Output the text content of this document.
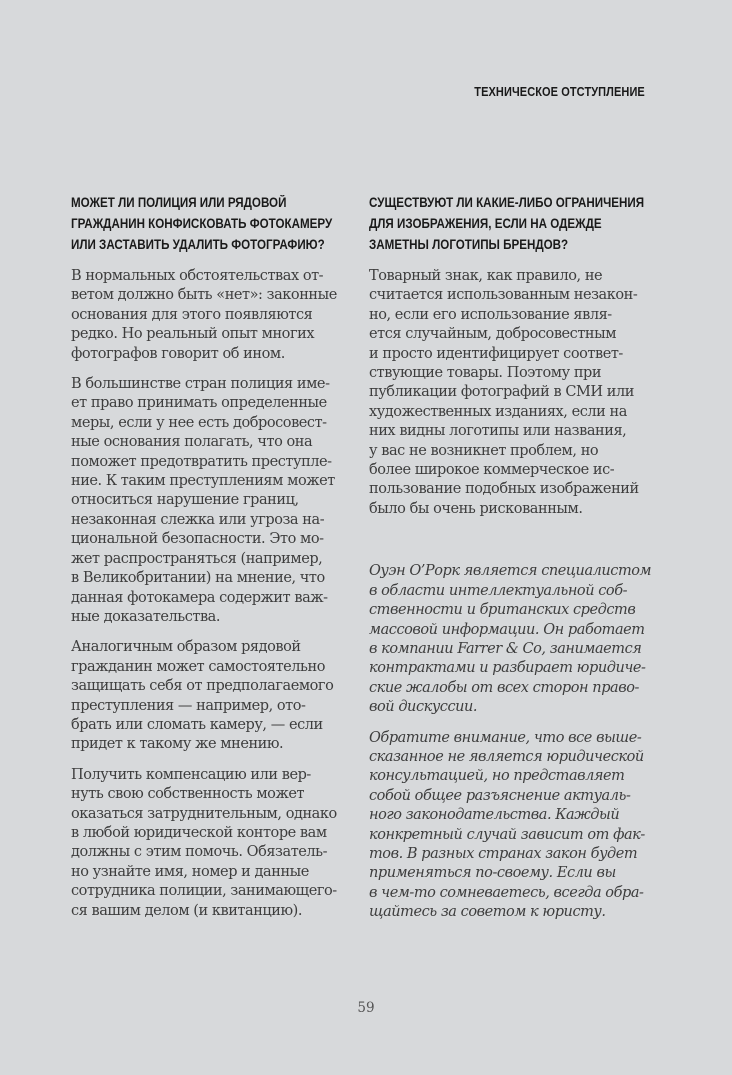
ТЕХНИЧЕСКОЕ ОТСТУПЛЕНИЕ
МОЖЕТ ЛИ ПОЛИЦИЯ ИЛИ РЯДОВОЙ
ГРАЖДАНИН КОНФИСКОВАТЬ ФОТОКАМЕРУ
ИЛИ ЗАСТАВИТЬ УДАЛИТЬ ФОТОГРАФИЮ?
В нормальных обстоятельствах от-
ветом должно быть «нет»: законные
основания для этого появляются
редко. Но реальный опыт многих
фотографов говорит об ином.
В большинстве стран полиция име-
ет право принимать определенные
меры, если у нее есть добросовест-
ные основания полагать, что она
поможет предотвратить преступле-
ние. К таким преступлениям может
относиться нарушение границ,
незаконная слежка или угроза на-
циональной безопасности. Это мо-
жет распространяться (например,
в Великобритании) на мнение, что
данная фотокамера содержит важ-
ные доказательства.
Аналогичным образом рядовой
гражданин может самостоятельно
защищать себя от предполагаемого
преступления — например, ото-
брать или сломать камеру, — если
придет к такому же мнению.
Получить компенсацию или вер-
нуть свою собственность может
оказаться затруднительным, однако
в любой юридической конторе вам
должны с этим помочь. Обязатель-
но узнайте имя, номер и данные
сотрудника полиции, занимающего-
ся вашим делом (и квитанцию).
СУЩЕСТВУЮТ ЛИ КАКИЕ-ЛИБО ОГРАНИЧЕНИЯ
ДЛЯ ИЗОБРАЖЕНИЯ, ЕСЛИ НА ОДЕЖДЕ
ЗАМЕТНЫ ЛОГОТИПЫ БРЕНДОВ?
Товарный знак, как правило, не
считается использованным незакон-
но, если его использование явля-
ется случайным, добросовестным
и просто идентифицирует соответ-
ствующие товары. Поэтому при
публикации фотографий в СМИ или
художественных изданиях, если на
них видны логотипы или названия,
у вас не возникнет проблем, но
более широкое коммерческое ис-
пользование подобных изображений
было бы очень рискованным.
Оуэн О’Рорк является специалистом
в области интеллектуальной соб-
ственности и британских средств
массовой информации. Он работает
в компании Farrer & Co, занимается
контрактами и разбирает юридиче-
ские жалобы от всех сторон право-
вой дискуссии.
Обратите внимание, что все выше-
сказанное не является юридической
консультацией, но представляет
собой общее разъяснение актуаль-
ного законодательства. Каждый
конкретный случай зависит от фак-
тов. В разных странах закон будет
применяться по-своему. Если вы
в чем-то сомневаетесь, всегда обра-
щайтесь за советом к юристу.
59
